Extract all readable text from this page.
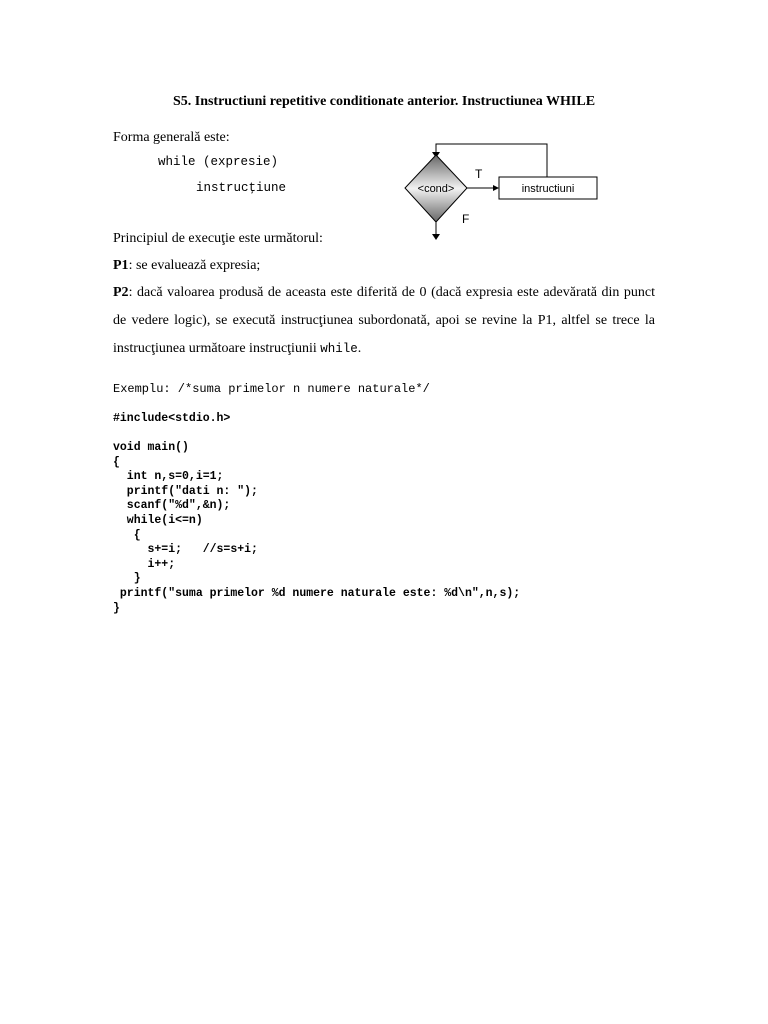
S5. Instructiuni repetitive conditionate anterior. Instructiunea WHILE
Forma generală este:
while (expresie)
instrucţiune	<cond>
T
instructiuni
F
Principiul de execuţie este următorul:
P1: se evaluează expresia;
P2: dacă valoarea produsă de aceasta este diferită de 0 (dacă expresia este adevărată din punct de vedere logic), se execută instrucţiunea subordonată, apoi se revine la P1, altfel se trece la instrucţiunea următoare instrucţiunii while.
Exemplu: /*suma primelor n numere naturale*/
#include<stdio.h>
void main()
{
int n,s=0,i=1;
printf("dati n: ");
scanf("%d",&n);
while(i<=n)
{
s+=i;   //s=s+i;
i++;
}
printf("suma primelor %d numere naturale este: %d\n",n,s);
}
